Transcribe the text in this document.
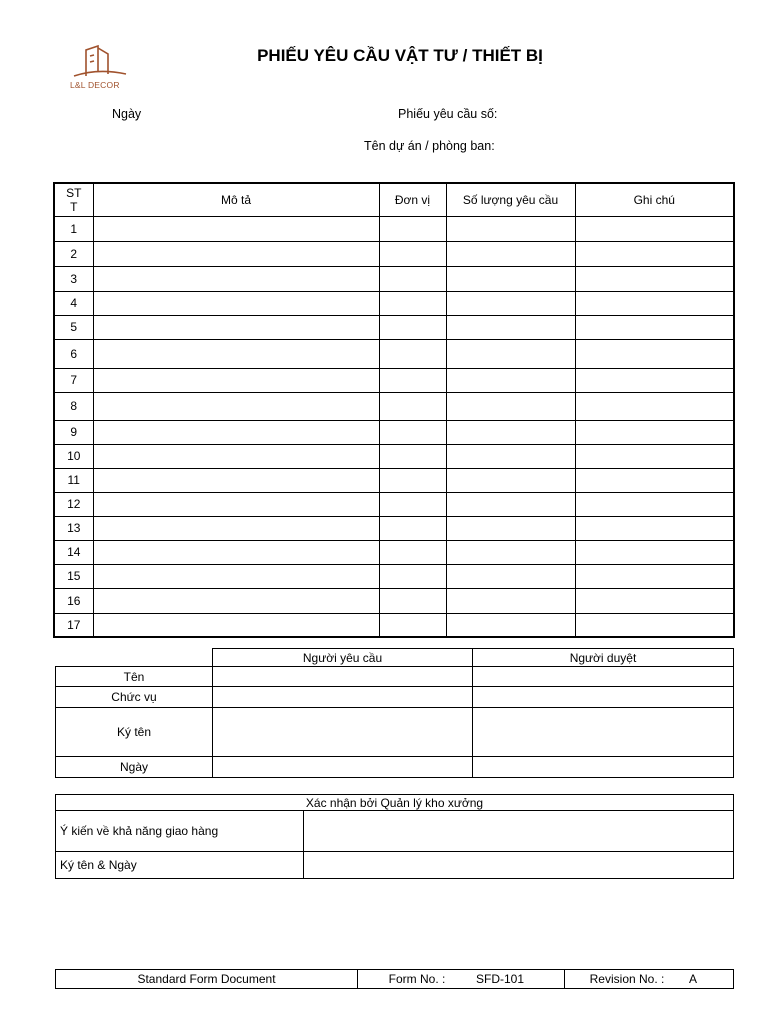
L&L DECOR
PHIẾU YÊU CẦU VẬT TƯ / THIẾT BỊ
Ngày	Phiếu yêu cầu số:
Tên dự án / phòng ban:
ST
T	Mô tả	Đơn vị	Số lượng yêu cầu	Ghi chú
1				
2				
3				
4				
5				
6				
7				
8				
9				
10				
11				
12				
13				
14				
15				
16				
17				
	Người yêu cầu	Người duyệt
Tên		
Chức vụ		
Ký tên		
Ngày		
Xác nhận bởi Quản lý kho xưởng	
Ý kiến về khả năng giao hàng	
Ký tên & Ngày	
Standard Form Document	Form No. :	SFD-101	Revision No. : A
